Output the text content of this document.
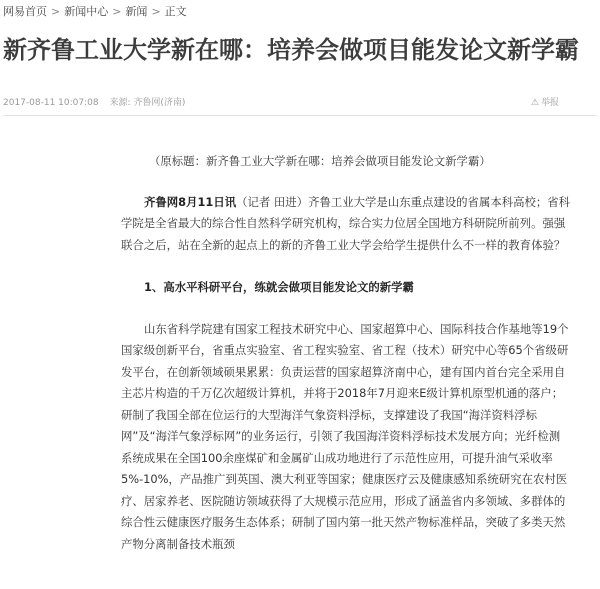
网易首页 > 新闻中心 > 新闻 > 正文
新齐鲁工业大学新在哪：培养会做项目能发论文新学霸
2017-08-11 10:07:08 来源: 齐鲁网(济南)	⚠ 举报

（原标题：新齐鲁工业大学新在哪：培养会做项目能发论文新学霸）

齐鲁网8月11日讯（记者 田进）齐鲁工业大学是山东重点建设的省属本科高校；省科学院是全省最大的综合性自然科学研究机构，综合实力位居全国地方科研院所前列。强强联合之后，站在全新的起点上的新的齐鲁工业大学会给学生提供什么不一样的教育体验？

1、高水平科研平台，练就会做项目能发论文的新学霸

山东省科学院建有国家工程技术研究中心、国家超算中心、国际科技合作基地等19个国家级创新平台，省重点实验室、省工程实验室、省工程（技术）研究中心等65个省级研发平台，在创新领域硕果累累：负责运营的国家超算济南中心，建有国内首台完全采用自主芯片构造的千万亿次超级计算机，并将于2018年7月迎来E级计算机原型机通的落户；研制了我国全部在位运行的大型海洋气象资料浮标，支撑建设了我国“海洋资料浮标网”及“海洋气象浮标网”的业务运行，引领了我国海洋资料浮标技术发展方向；光纤检测系统成果在全国100余座煤矿和金属矿山成功地进行了示范性应用，可提升油气采收率5%-10%，产品推广到英国、澳大利亚等国家；健康医疗云及健康感知系统研究在农村医疗、居家养老、医院随访领域获得了大规模示范应用，形成了涵盖省内多领域、多群体的综合性云健康医疗服务生态体系；研制了国内第一批天然产物标准样品，突破了多类天然产物分离制备技术瓶颈
